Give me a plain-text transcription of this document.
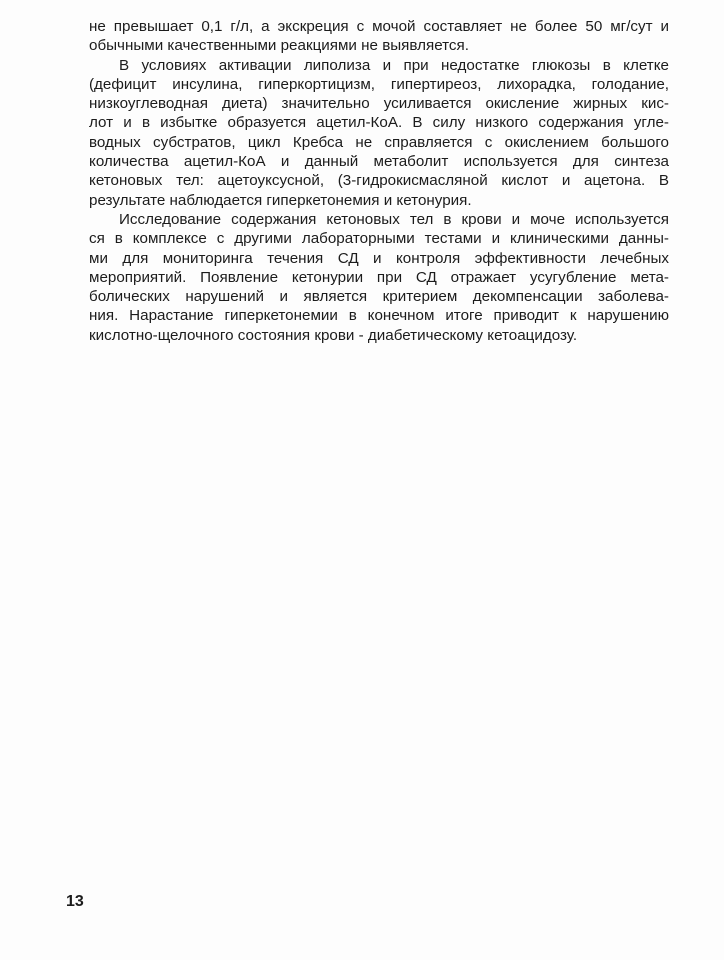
не превышает 0,1 г/л, а экскреция с мочой составляет не более 50 мг/сут и
обычными качественными реакциями не выявляется.
В условиях активации липолиза и при недостатке глюкозы в клетке
(дефицит инсулина, гиперкортицизм, гипертиреоз, лихорадка, голодание,
низкоуглеводная диета) значительно усиливается окисление жирных кис-
лот и в избытке образуется ацетил-КоА. В силу низкого содержания угле-
водных субстратов, цикл Кребса не справляется с окислением большого
количества ацетил-КоА и данный метаболит используется для синтеза
кетоновых тел: ацетоуксусной, (3-гидрокисмасляной кислот и ацетона. В
результате наблюдается гиперкетонемия и кетонурия.
Исследование содержания кетоновых тел в крови и моче используется
ся в комплексе с другими лабораторными тестами и клиническими данны-
ми для мониторинга течения СД и контроля эффективности лечебных
мероприятий. Появление кетонурии при СД отражает усугубление мета-
болических нарушений и является критерием декомпенсации заболева-
ния. Нарастание гиперкетонемии в конечном итоге приводит к нарушению
кислотно-щелочного состояния крови - диабетическому кетоацидозу.
13
